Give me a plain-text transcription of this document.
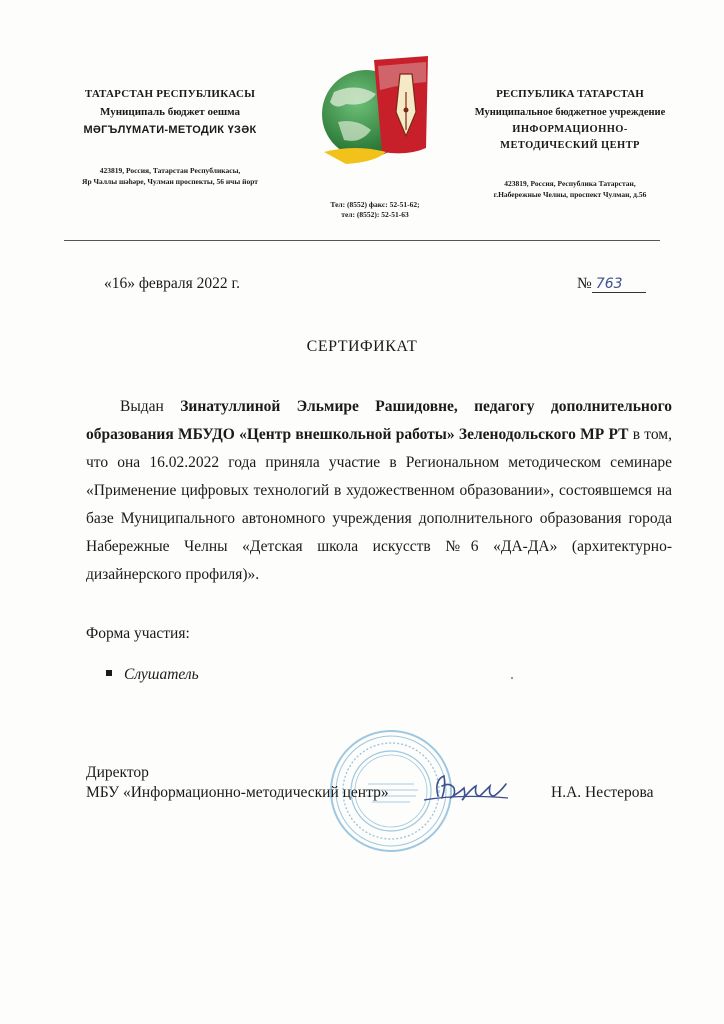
ТАТАРСТАН РЕСПУБЛИКАСЫ
Муниципаль бюджет оешма
МӘГЪЛҮМАТИ-МЕТОДИК ҮЗӘК
423819, Россия, Татарстан Республикасы,
Яр Чаллы шәһәре, Чулман проспекты, 56 нчы йорт
РЕСПУБЛИКА ТАТАРСТАН
Муниципальное бюджетное учреждение
ИНФОРМАЦИОННО-
МЕТОДИЧЕСКИЙ ЦЕНТР
423819, Россия, Республика Татарстан,
г.Набережные Челны, проспект Чулман, д.56
Тел: (8552) факс: 52-51-62;
тел: (8552): 52-51-63
«16» февраля 2022 г.	№ 763
СЕРТИФИКАТ
Выдан Зинатуллиной Эльмире Рашидовне, педагогу дополнительного образования МБУДО «Центр внешкольной работы» Зеленодольского МР РТ в том, что она 16.02.2022 года приняла участие в Региональном методическом семинаре «Применение цифровых технологий в художественном образовании», состоявшемся на базе Муниципального автономного учреждения дополнительного образования города Набережные Челны «Детская школа искусств №6 «ДА-ДА» (архитектурно-дизайнерского профиля)».
Форма участия:
Слушатель
Директор
МБУ «Информационно-методический центр»	Н.А. Нестерова
